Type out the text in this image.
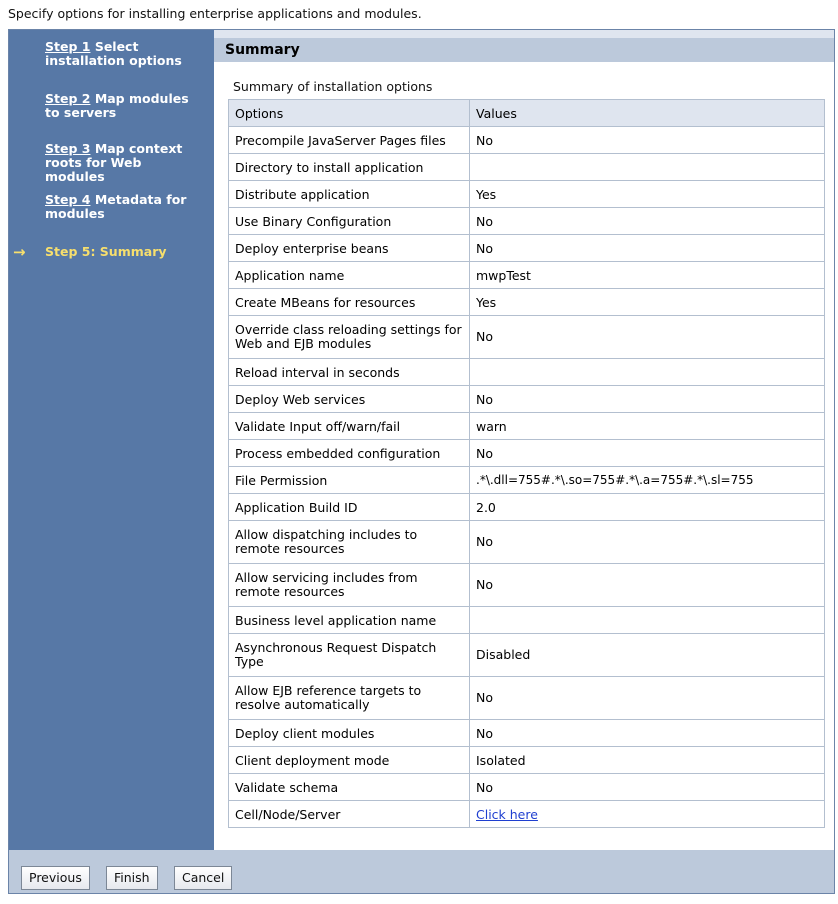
Specify options for installing enterprise applications and modules.
Step 1 Select installation options
Step 2 Map modules to servers
Step 3 Map context roots for Web modules
Step 4 Metadata for modules
→ Step 5: Summary
Summary
Summary of installation options
Options	Values
Precompile JavaServer Pages files	No
Directory to install application	
Distribute application	Yes
Use Binary Configuration	No
Deploy enterprise beans	No
Application name	mwpTest
Create MBeans for resources	Yes
Override class reloading settings for Web and EJB modules	No
Reload interval in seconds	
Deploy Web services	No
Validate Input off/warn/fail	warn
Process embedded configuration	No
File Permission	.*\.dll=755#.*\.so=755#.*\.a=755#.*\.sl=755
Application Build ID	2.0
Allow dispatching includes to remote resources	No
Allow servicing includes from remote resources	No
Business level application name	
Asynchronous Request Dispatch Type	Disabled
Allow EJB reference targets to resolve automatically	No
Deploy client modules	No
Client deployment mode	Isolated
Validate schema	No
Cell/Node/Server	Click here
Previous	Finish	Cancel
